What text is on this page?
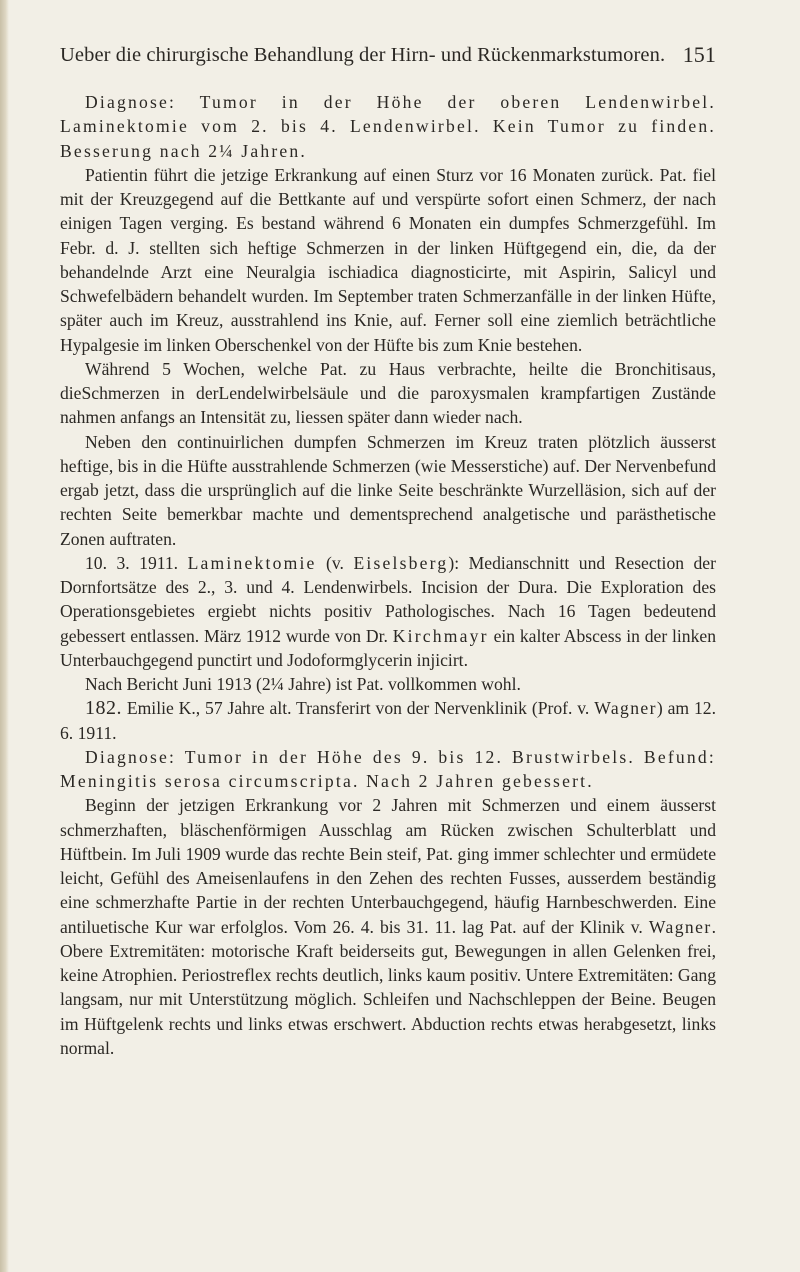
Ueber die chirurgische Behandlung der Hirn- und Rückenmarkstumoren. 151

Diagnose: Tumor in der Höhe der oberen Lendenwirbel. Laminektomie vom 2. bis 4. Lendenwirbel. Kein Tumor zu finden. Besserung nach 2¼ Jahren.

Patientin führt die jetzige Erkrankung auf einen Sturz vor 16 Monaten zurück. Pat. fiel mit der Kreuzgegend auf die Bettkante auf und verspürte sofort einen Schmerz, der nach einigen Tagen verging. Es bestand während 6 Monaten ein dumpfes Schmerzgefühl. Im Febr. d. J. stellten sich heftige Schmerzen in der linken Hüftgegend ein, die, da der behandelnde Arzt eine Neuralgia ischiadica diagnosticirte, mit Aspirin, Salicyl und Schwefelbädern behandelt wurden. Im September traten Schmerzanfälle in der linken Hüfte, später auch im Kreuz, ausstrahlend ins Knie, auf. Ferner soll eine ziemlich beträchtliche Hypalgesie im linken Oberschenkel von der Hüfte bis zum Knie bestehen.

Während 5 Wochen, welche Pat. zu Haus verbrachte, heilte die Bronchitisaus, dieSchmerzen in derLendelwirbelsäule und die paroxysmalen krampfartigen Zustände nahmen anfangs an Intensität zu, liessen später dann wieder nach.

Neben den continuirlichen dumpfen Schmerzen im Kreuz traten plötzlich äusserst heftige, bis in die Hüfte ausstrahlende Schmerzen (wie Messerstiche) auf. Der Nervenbefund ergab jetzt, dass die ursprünglich auf die linke Seite beschränkte Wurzelläsion, sich auf der rechten Seite bemerkbar machte und dementsprechend analgetische und parästhetische Zonen auftraten.

10. 3. 1911. Laminektomie (v. Eiselsberg): Medianschnitt und Resection der Dornfortsätze des 2., 3. und 4. Lendenwirbels. Incision der Dura. Die Exploration des Operationsgebietes ergiebt nichts positiv Pathologisches. Nach 16 Tagen bedeutend gebessert entlassen. März 1912 wurde von Dr. Kirchmayr ein kalter Abscess in der linken Unterbauchgegend punctirt und Jodoformglycerin injicirt.

Nach Bericht Juni 1913 (2¼ Jahre) ist Pat. vollkommen wohl.

182. Emilie K., 57 Jahre alt. Transferirt von der Nervenklinik (Prof. v. Wagner) am 12. 6. 1911.

Diagnose: Tumor in der Höhe des 9. bis 12. Brustwirbels. Befund: Meningitis serosa circumscripta. Nach 2 Jahren gebessert.

Beginn der jetzigen Erkrankung vor 2 Jahren mit Schmerzen und einem äusserst schmerzhaften, bläschenförmigen Ausschlag am Rücken zwischen Schulterblatt und Hüftbein. Im Juli 1909 wurde das rechte Bein steif, Pat. ging immer schlechter und ermüdete leicht, Gefühl des Ameisenlaufens in den Zehen des rechten Fusses, ausserdem beständig eine schmerzhafte Partie in der rechten Unterbauchgegend, häufig Harnbeschwerden. Eine antiluetische Kur war erfolglos. Vom 26. 4. bis 31. 11. lag Pat. auf der Klinik v. Wagner. Obere Extremitäten: motorische Kraft beiderseits gut, Bewegungen in allen Gelenken frei, keine Atrophien. Periostreflex rechts deutlich, links kaum positiv. Untere Extremitäten: Gang langsam, nur mit Unterstützung möglich. Schleifen und Nachschleppen der Beine. Beugen im Hüftgelenk rechts und links etwas erschwert. Abduction rechts etwas herabgesetzt, links normal.
